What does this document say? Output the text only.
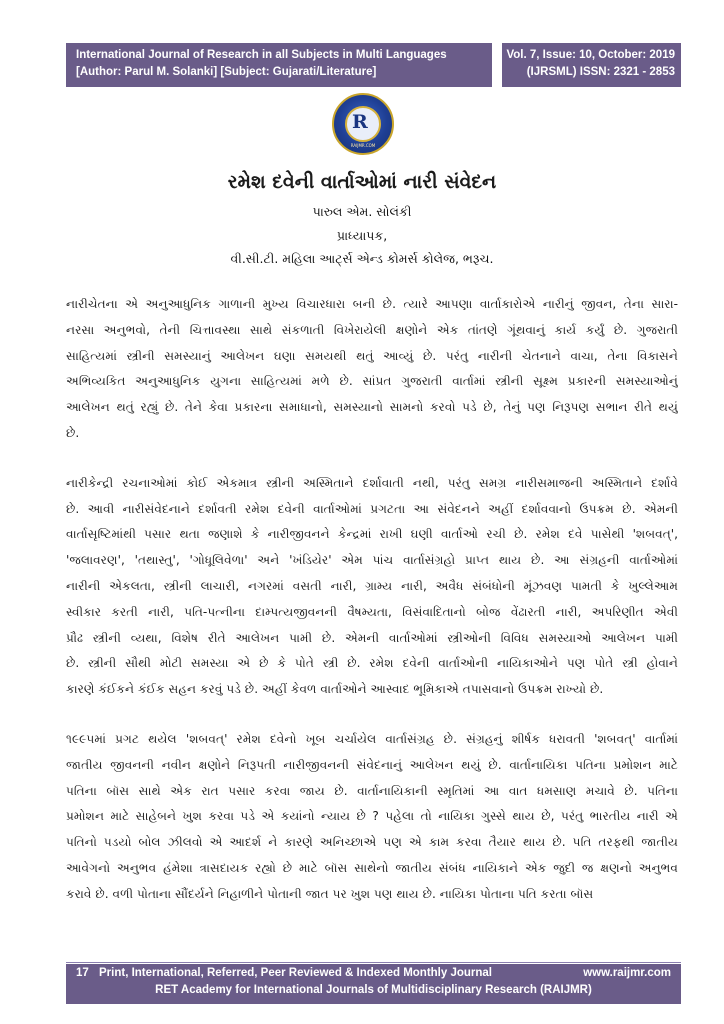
International Journal of Research in all Subjects in Multi Languages
[Author: Parul M. Solanki] [Subject: Gujarati/Literature]
Vol. 7, Issue: 10, October: 2019
(IJRSML) ISSN: 2321 - 2853
R
RAIJMR.COM
રમેશ દવેની વાર્તાઓમાં નારી સંવેદન
પારુલ એમ. સોલંકી
પ્રાધ્યાપક,
વી.સી.ટી. મહિલા આર્ટ્સ એન્ડ કોમર્સ કોલેજ, ભરૂચ.
નારીચેતના એ અનુઆધુનિક ગાળાની મુખ્ય વિચારધારા બની છે. ત્યારે આપણા વાર્તાકારોએ નારીનું જીવન, તેના સારા-
નરસા અનુભવો, તેની ચિત્તાવસ્થા સાથે સંકળાતી વિખેરાયેલી ક્ષણોને એક તાંતણે ગૂંથવાનું કાર્ય કર્યું છે. ગુજરાતી
સાહિત્યમાં સ્ત્રીની સમસ્યાનું આલેખન ઘણા સમયથી થતું આવ્યું છે. પરંતુ નારીની ચેતનાને વાચા, તેના વિકાસને
અભિવ્યકિત અનુઆધુનિક યુગના સાહિત્યમાં મળે છે. સાંપ્રત ગુજરાતી વાર્તામાં સ્ત્રીની સૂક્ષ્મ પ્રકારની સમસ્યાઓનું
આલેખન થતું રહ્યું છે. તેને કેવા પ્રકારના સમાધાનો, સમસ્યાનો સામનો કરવો પડે છે, તેનું પણ નિરૂપણ સભાન રીતે થયું
છે.
નારીકેન્દ્રી રચનાઓમાં કોઈ એકમાત્ર સ્ત્રીની અસ્મિતાને દર્શાવાતી નથી, પરંતુ સમગ્ર નારીસમાજની અસ્મિતાને દર્શાવે
છે. આવી નારીસંવેદનાને દર્શાવતી રમેશ દવેની વાર્તાઓમાં પ્રગટતા આ સંવેદનને અહીં દર્શાવવાનો ઉપક્રમ છે. એમની
વાર્તાસૃષ્ટિમાંથી પસાર થતા જણાશે કે નારીજીવનને કેન્દ્રમાં રાખી ઘણી વાર્તાઓ રચી છે. રમેશ દવે પાસેથી 'શબવત્',
'જલાવરણ', 'તથાસ્તુ', 'ગોધૂલિવેળા' અને 'ખંડિયેર' એમ પાંચ વાર્તાસંગ્રહો પ્રાપ્ત થાય છે. આ સંગ્રહની વાર્તાઓમાં
નારીની એકલતા, સ્ત્રીની લાચારી, નગરમાં વસતી નારી, ગ્રામ્ય નારી, અવૈધ સંબંધોની મૂંઝવણ પામતી કે ખુલ્લેઆમ
સ્વીકાર કરતી નારી, પતિ-પત્નીના દામ્પત્યજીવનની વૈષમ્યતા, વિસંવાદિતાનો બોજ વેંઢારતી નારી, અપરિણીત એવી
પ્રૌઢ સ્ત્રીની વ્યથા, વિશેષ રીતે આલેખન પામી છે. એમની વાર્તાઓમાં સ્ત્રીઓની વિવિધ સમસ્યાઓ આલેખન પામી
છે. સ્ત્રીની સૌથી મોટી સમસ્યા એ છે કે પોતે સ્ત્રી છે. રમેશ દવેની વાર્તાઓની નાયિકાઓને પણ પોતે સ્ત્રી હોવાને
કારણે કંઈકને કંઈક સહન કરવું પડે છે. અહીં કેવળ વાર્તાઓને આસ્વાદ ભૂમિકાએ તપાસવાનો ઉપક્રમ રાખ્યો છે.
૧૯૯૫માં પ્રગટ થયેલ 'શબવત્' રમેશ દવેનો ખૂબ ચર્ચાયેલ વાર્તાસંગ્રહ છે. સંગ્રહનું શીર્ષક ધરાવતી 'શબવત્' વાર્તામાં
જાતીય જીવનની નવીન ક્ષણોને નિરૂપતી નારીજીવનની સંવેદનાનું આલેખન થયું છે. વાર્તાનાયિકા પતિના પ્રમોશન માટે
પતિના બૉસ સાથે એક રાત પસાર કરવા જાય છે. વાર્તાનાયિકાની સ્મૃતિમાં આ વાત ધમસાણ મચાવે છે. પતિના
પ્રમોશન માટે સાહેબને ખુશ કરવા પડે એ કયાંનો ન્યાય છે ? પહેલા તો નાયિકા ગુસ્સે થાય છે, પરંતુ ભારતીય નારી એ
પતિનો પડયો બોલ ઝીલવો એ આદર્શ ને કારણે અનિચ્છાએ પણ એ કામ કરવા તૈયાર થાય છે. પતિ તરફથી જાતીય
આવેગનો અનુભવ હંમેશા ત્રાસદાયક રહ્યો છે માટે બૉસ સાથેનો જાતીય સંબંધ નાયિકાને એક જુદી જ ક્ષણનો અનુભવ
કરાવે છે. વળી પોતાના સૌંદર્યને નિહાળીને પોતાની જાત પર ખુશ પણ થાય છે. નાયિકા પોતાના પતિ કરતા બૉસ
17 Print, International, Referred, Peer Reviewed & Indexed Monthly Journal	www.raijmr.com
RET Academy for International Journals of Multidisciplinary Research (RAIJMR)
